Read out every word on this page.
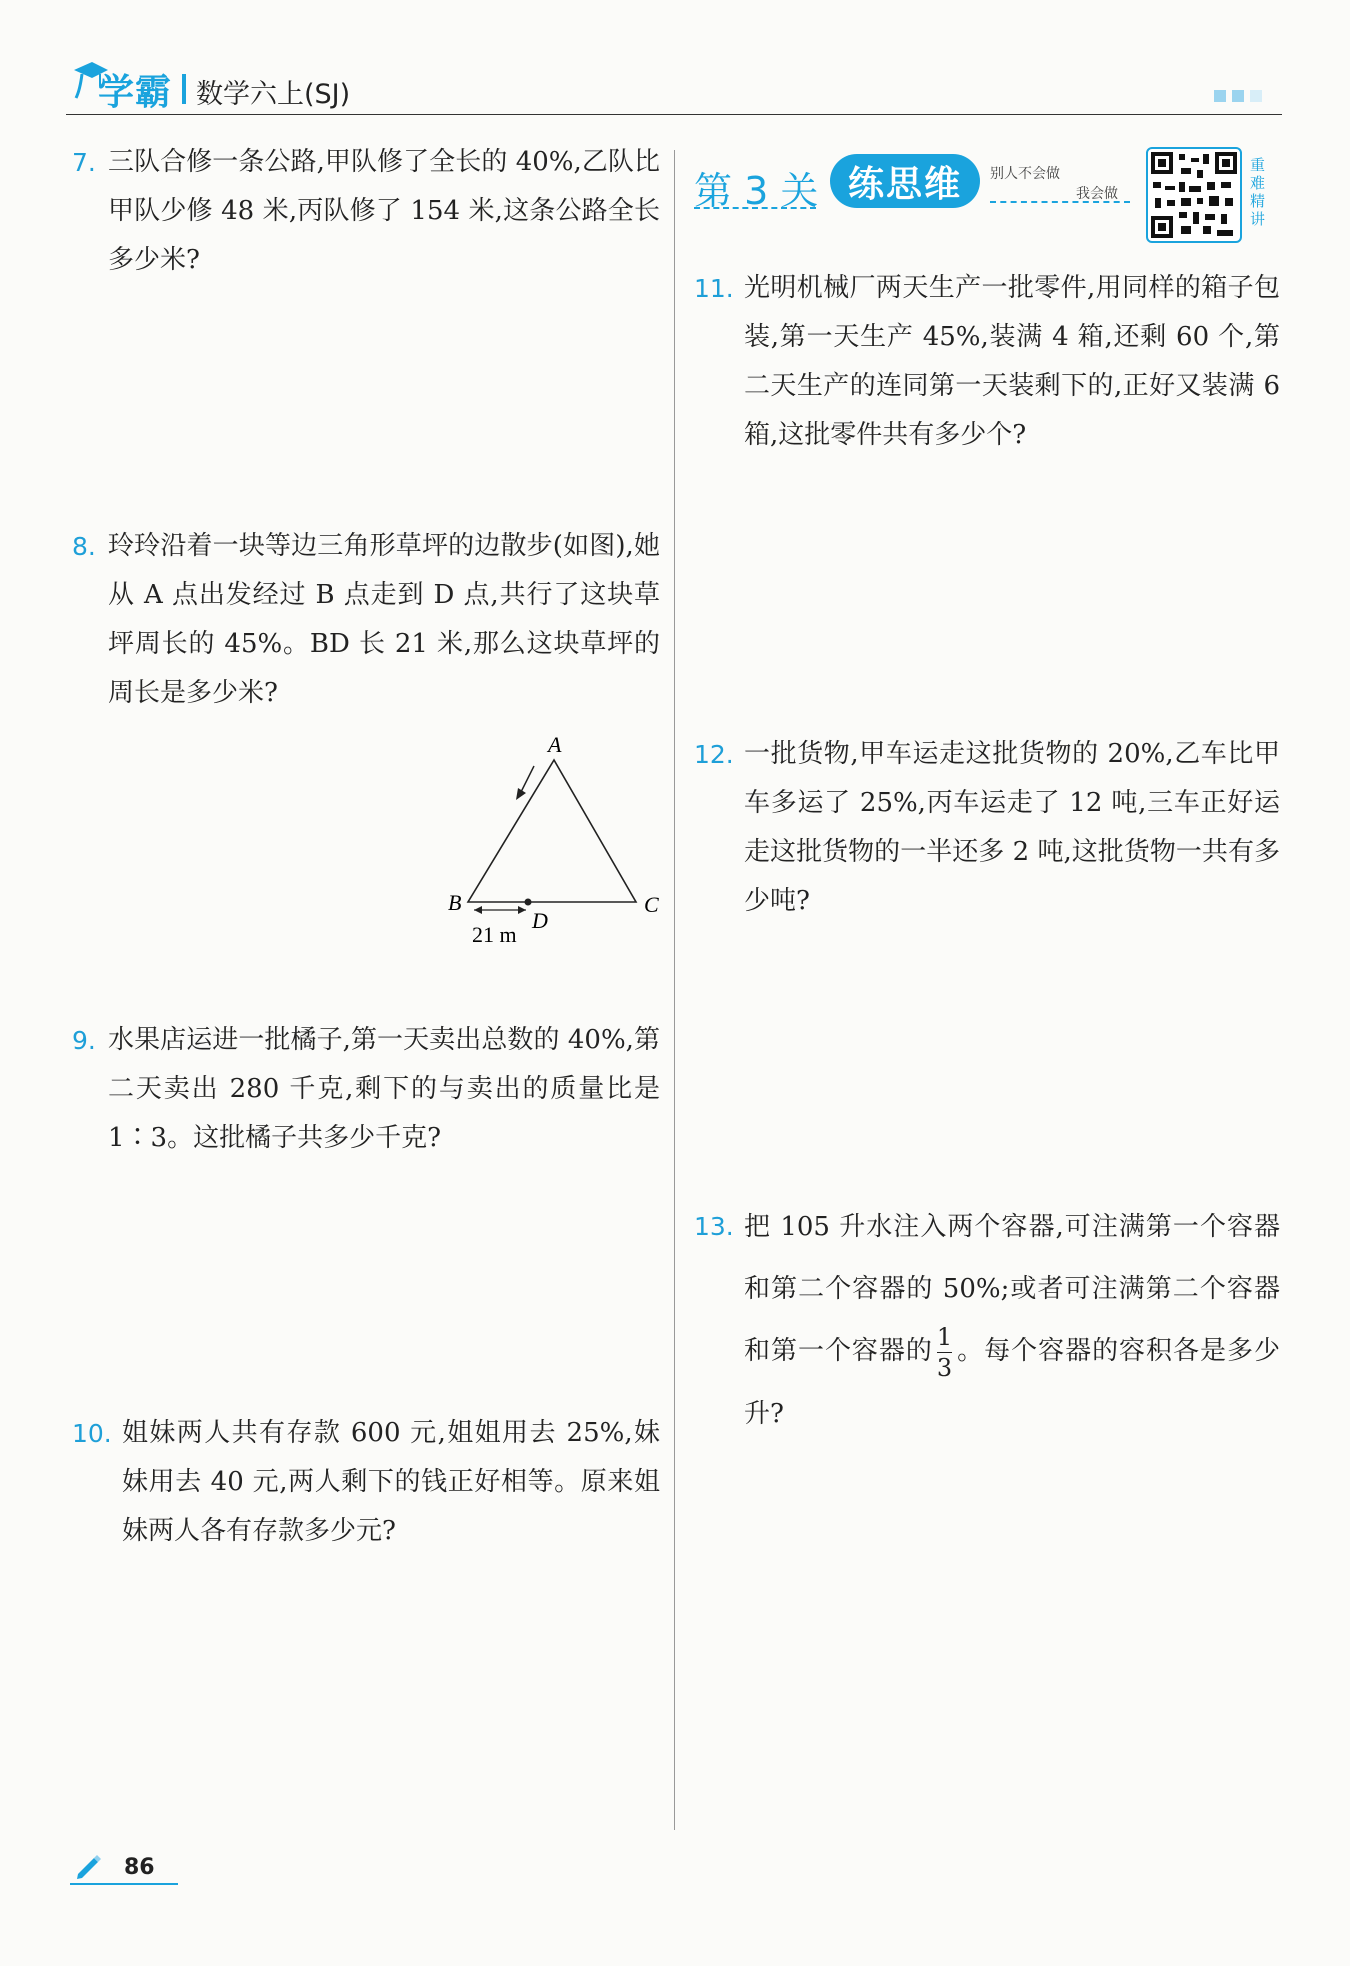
学霸 数学六上(SJ)
7. 三队合修一条公路,甲队修了全长的 40%,乙队比甲队少修 48 米,丙队修了 154 米,这条公路全长多少米?
8. 玲玲沿着一块等边三角形草坪的边散步(如图),她从 A 点出发经过 B 点走到 D 点,共行了这块草坪周长的 45%。BD 长 21 米,那么这块草坪的周长是多少米?
A
B	C
D
21 m
9. 水果店运进一批橘子,第一天卖出总数的 40%,第二天卖出 280 千克,剩下的与卖出的质量比是 1∶3。这批橘子共多少千克?
10. 姐妹两人共有存款 600 元,姐姐用去 25%,妹妹用去 40 元,两人剩下的钱正好相等。原来姐妹两人各有存款多少元?
第 3 关 练思维	别人不会做
我会做
重难精讲
11. 光明机械厂两天生产一批零件,用同样的箱子包装,第一天生产 45%,装满 4 箱,还剩 60 个,第二天生产的连同第一天装剩下的,正好又装满 6 箱,这批零件共有多少个?
12. 一批货物,甲车运走这批货物的 20%,乙车比甲车多运了 25%,丙车运走了 12 吨,三车正好运走这批货物的一半还多 2 吨,这批货物一共有多少吨?
13. 把 105 升水注入两个容器,可注满第一个容器和第二个容器的 50%;或者可注满第二个容器和第一个容器的 $\frac{1}{3}$ 。每个容器的容积各是多少升?
86
